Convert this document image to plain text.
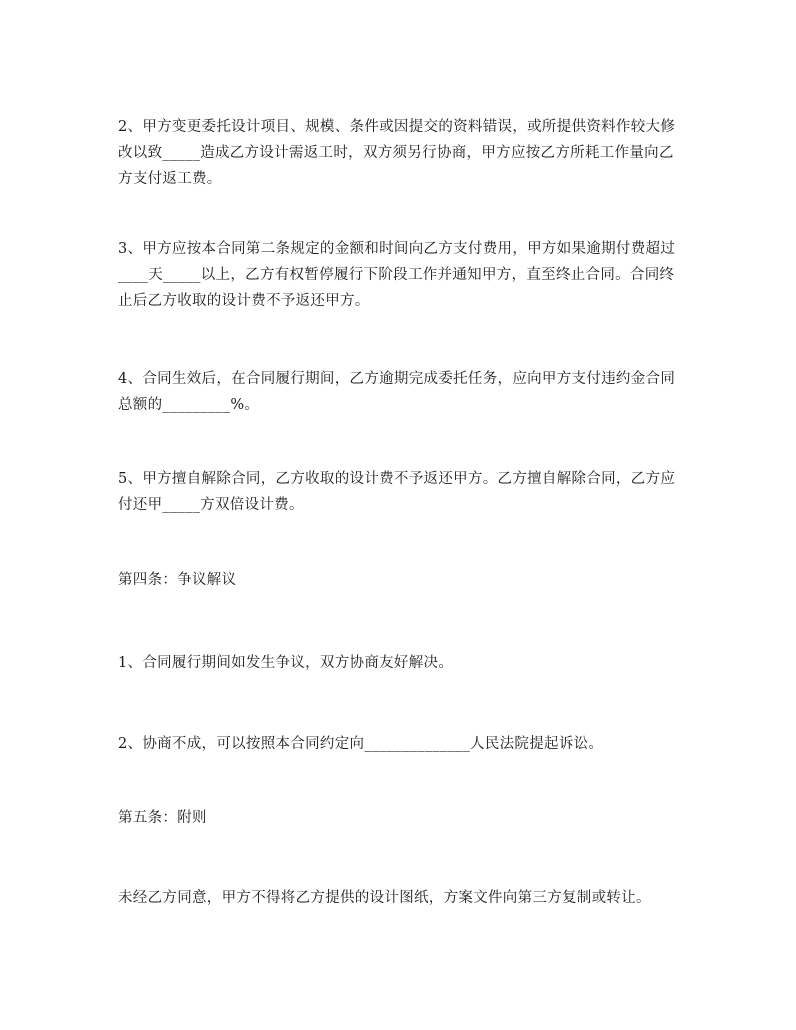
2、甲方变更委托设计项目、规模、条件或因提交的资料错误，或所提供资料作较大修改以致_____造成乙方设计需返工时，双方须另行协商，甲方应按乙方所耗工作量向乙方支付返工费。

3、甲方应按本合同第二条规定的金额和时间向乙方支付费用，甲方如果逾期付费超过____天_____以上，乙方有权暂停履行下阶段工作并通知甲方，直至终止合同。合同终止后乙方收取的设计费不予返还甲方。

4、合同生效后，在合同履行期间，乙方逾期完成委托任务，应向甲方支付违约金合同总额的_________%。

5、甲方擅自解除合同，乙方收取的设计费不予返还甲方。乙方擅自解除合同，乙方应付还甲_____方双倍设计费。

第四条：争议解议

1、合同履行期间如发生争议，双方协商友好解决。

2、协商不成，可以按照本合同约定向______________人民法院提起诉讼。

第五条：附则

未经乙方同意，甲方不得将乙方提供的设计图纸，方案文件向第三方复制或转让。
